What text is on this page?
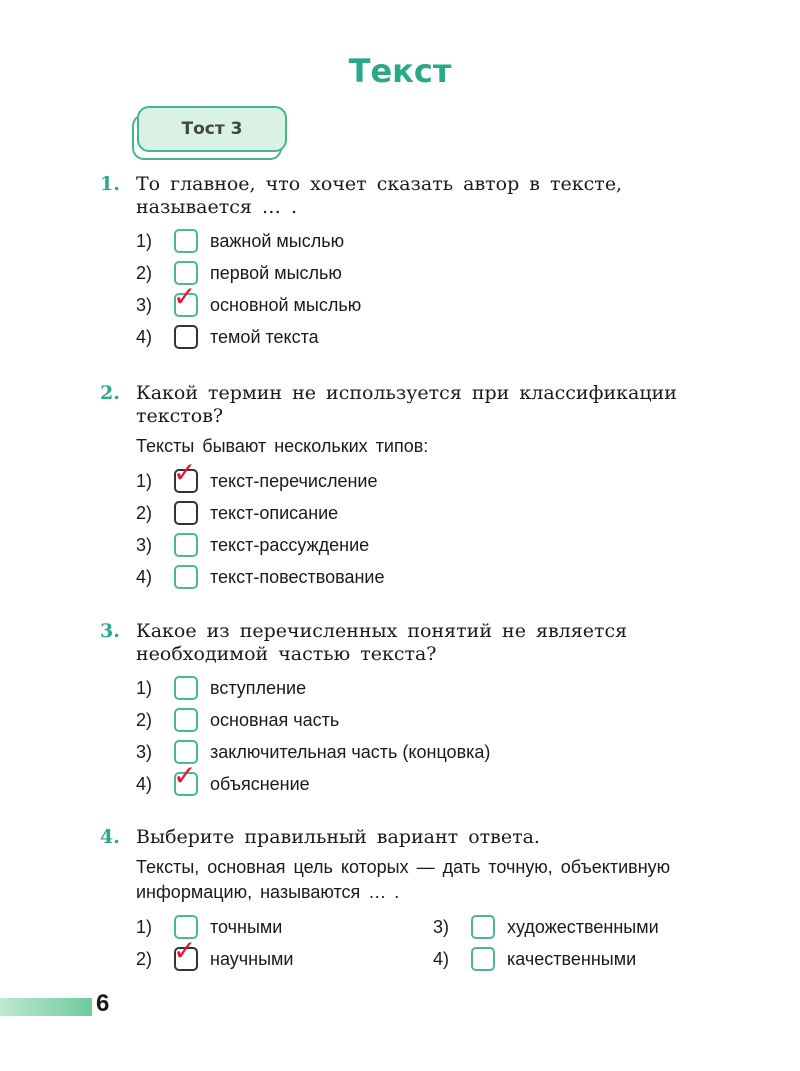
Текст
Тост 3

1. То главное, что хочет сказать автор в тексте, называется … .

1)	важной мыслью
2)	первой мыслью
3) ✓ основной мыслью
4)	темой текста

2. Какой термин не используется при классификации текстов?

Тексты бывают нескольких типов:

1) ✓ текст-перечисление
2)	текст-описание
3)	текст-рассуждение
4)	текст-повествование

3. Какое из перечисленных понятий не является необходимой частью текста?

1)	вступление
2)	основная часть
3)	заключительная часть (концовка)
4) ✓ объяснение

4. Выберите правильный вариант ответа.

Тексты, основная цель которых — дать точную, объективную информацию, называются … .

1)	точными
2) ✓ научными
3)	художественными
4)	качественными
6
